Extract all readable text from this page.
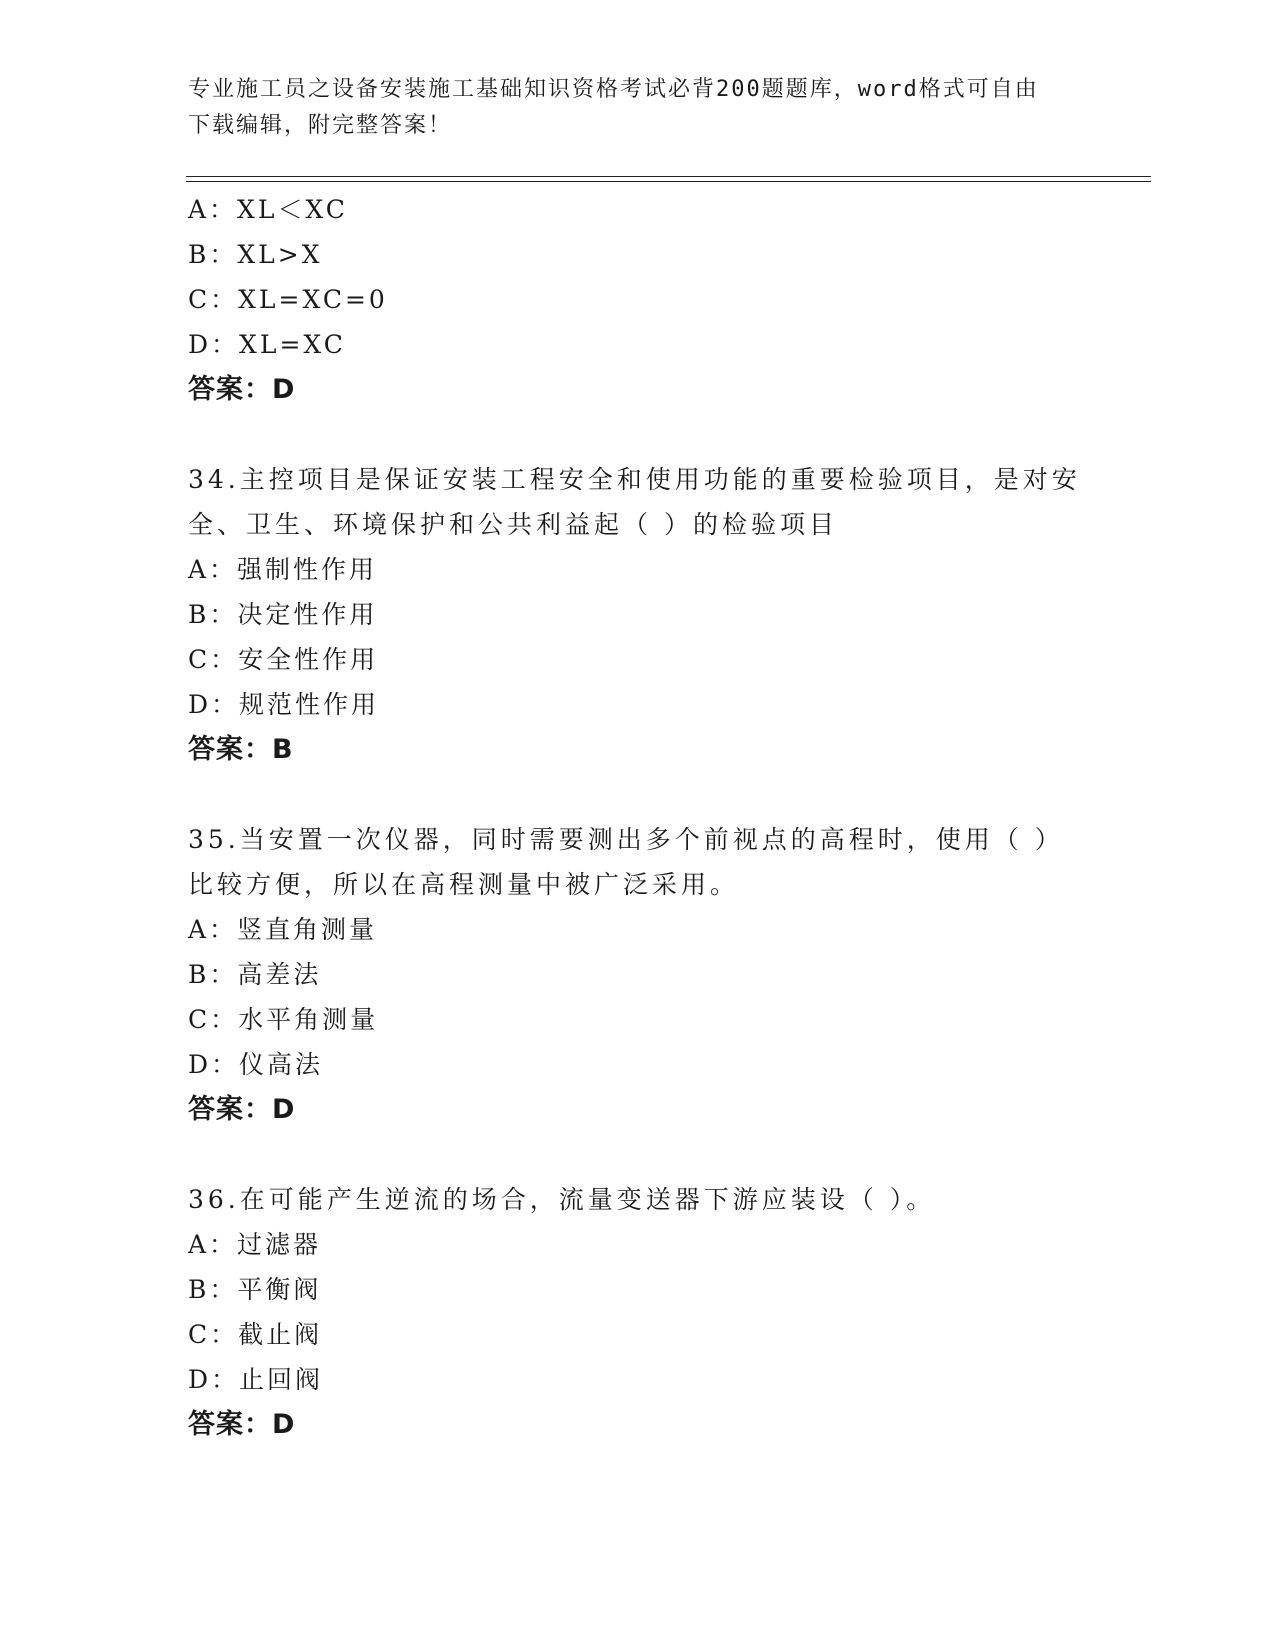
专业施工员之设备安装施工基础知识资格考试必背200题题库，word格式可自由
下载编辑，附完整答案！
A：XL＜XC
B：XL>X
C：XL=XC=0
D：XL=XC
答案：D
34.主控项目是保证安装工程安全和使用功能的重要检验项目，是对安
全、卫生、环境保护和公共利益起（ ）的检验项目
A：强制性作用
B：决定性作用
C：安全性作用
D：规范性作用
答案：B
35.当安置一次仪器，同时需要测出多个前视点的高程时，使用（ ）
比较方便，所以在高程测量中被广泛采用。
A：竖直角测量
B：高差法
C：水平角测量
D：仪高法
答案：D
36.在可能产生逆流的场合，流量变送器下游应装设（ ）。
A：过滤器
B：平衡阀
C：截止阀
D：止回阀
答案：D
